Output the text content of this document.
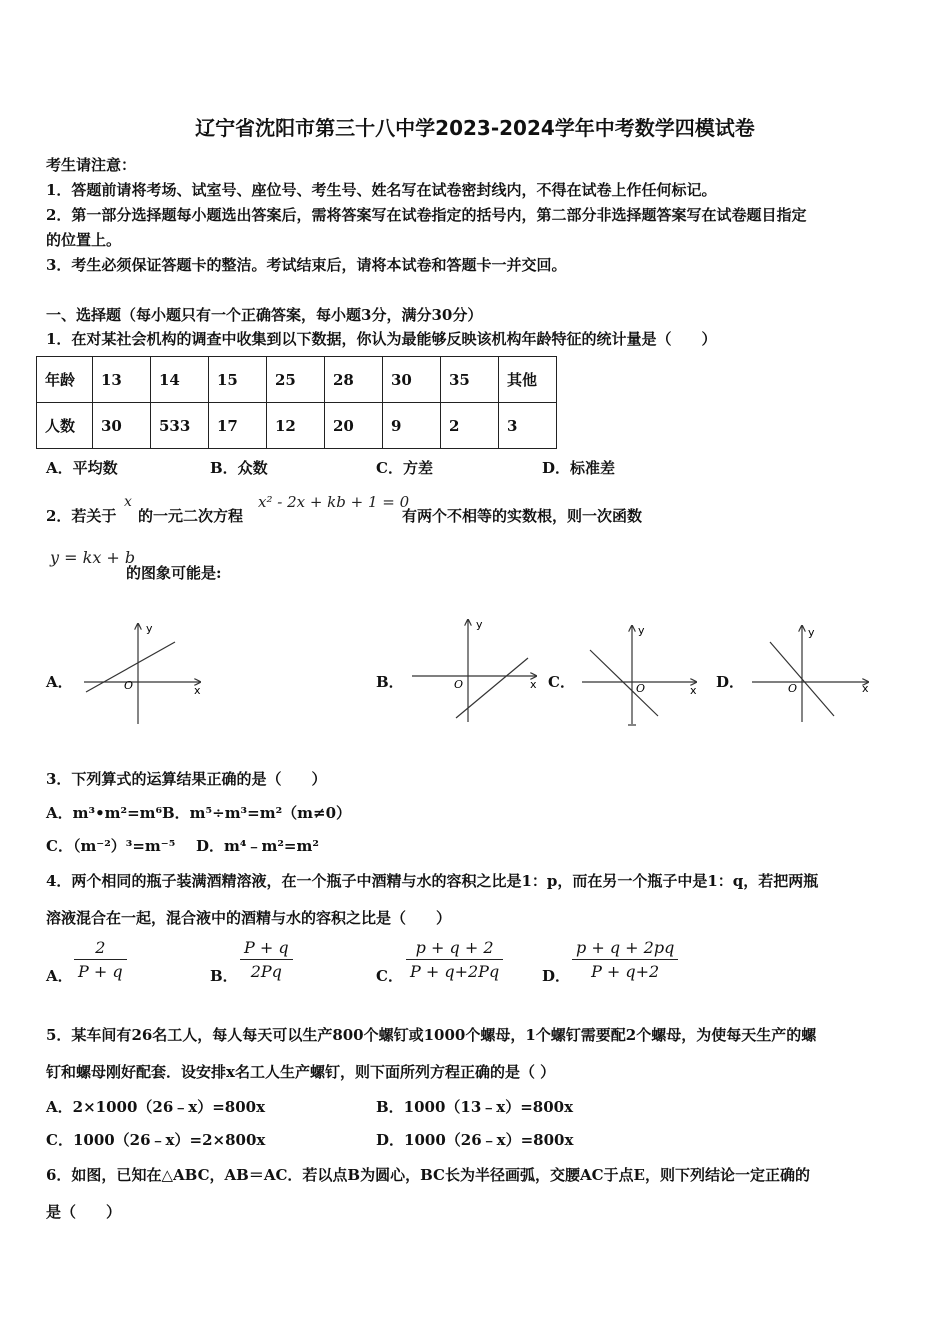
辽宁省沈阳市第三十八中学2023-2024学年中考数学四模试卷
考生请注意：
1．答题前请将考场、试室号、座位号、考生号、姓名写在试卷密封线内，不得在试卷上作任何标记。
2．第一部分选择题每小题选出答案后，需将答案写在试卷指定的括号内，第二部分非选择题答案写在试卷题目指定
的位置上。
3．考生必须保证答题卡的整洁。考试结束后，请将本试卷和答题卡一并交回。
一、选择题（每小题只有一个正确答案，每小题3分，满分30分）
1．在对某社会机构的调查中收集到以下数据，你认为最能够反映该机构年龄特征的统计量是（　　）
年龄	13	14	15	25	28	30	35	其他
人数	30	533	17	12	20	9	2	3
A．平均数	B．众数	C．方差	D．标准差
2．若关于
x
的一元二次方程
x² - 2x + kb + 1 = 0
有两个不相等的实数根，则一次函数
y = kx + b
的图象可能是:
A．	B．	C．	D．
y
x
O
y
x
O
y
x
O
y
x
O
3．下列算式的运算结果正确的是（　　）
A．m³•m²=m⁶ B．m⁵÷m³=m²（m≠0）
C．（m⁻²）³=m⁻⁵ D．m⁴﹣m²=m²
4．两个相同的瓶子装满酒精溶液，在一个瓶子中酒精与水的容积之比是1：p，而在另一个瓶子中是1：q，若把两瓶
溶液混合在一起，混合液中的酒精与水的容积之比是（　　）
A． $\frac{2}{P + q}$	B． $\frac{P + q}{2Pq}$	C． $\frac{p + q + 2}{P + q+2Pq}$	D． $\frac{p + q + 2pq}{P + q+2}$
5．某车间有26名工人，每人每天可以生产800个螺钉或1000个螺母，1个螺钉需要配2个螺母，为使每天生产的螺
钉和螺母刚好配套．设安排x名工人生产螺钉，则下面所列方程正确的是（ ）
A．2×1000（26﹣x）=800x	B．1000（13﹣x）=800x
C．1000（26﹣x）=2×800x	D．1000（26﹣x）=800x
6．如图，已知在△ABC，AB＝AC．若以点B为圆心，BC长为半径画弧，交腰AC于点E，则下列结论一定正确的
是（　　）
